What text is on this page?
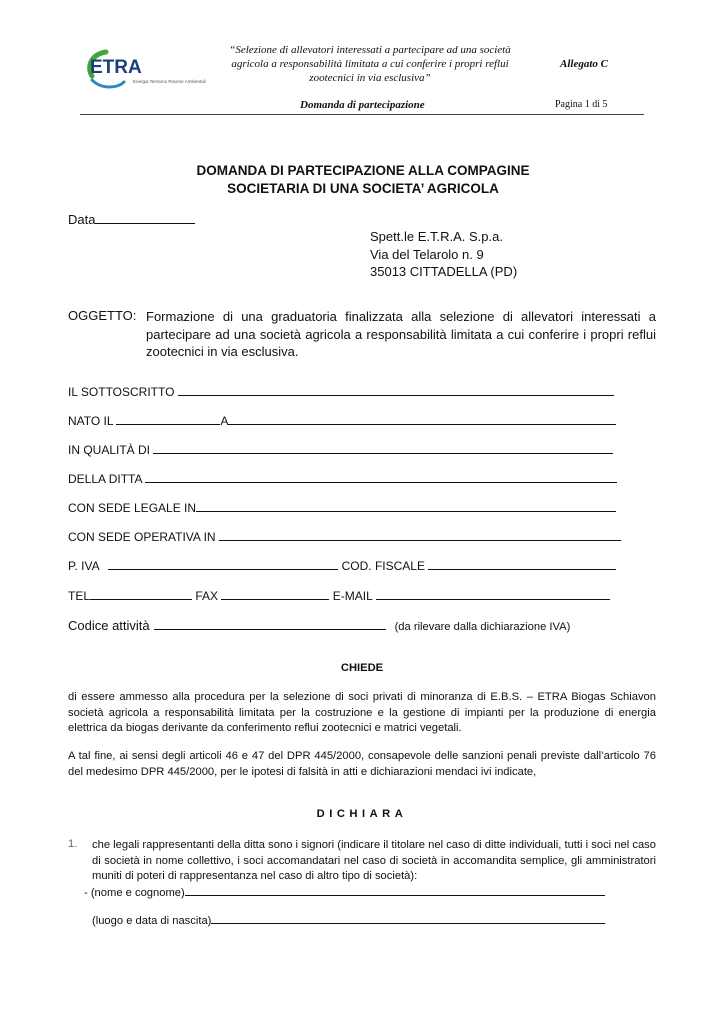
ETRA
Energia Territorio Risorse Ambientali
“Selezione di allevatori interessati a partecipare ad una società agricola a responsabilità limitata a cui conferire i propri reflui zootecnici in via esclusiva”
Allegato C
Domanda di partecipazione	Pagina 1 di 5
DOMANDA DI PARTECIPAZIONE ALLA COMPAGINE
SOCIETARIA DI UNA SOCIETA’ AGRICOLA
Data
Spett.le E.T.R.A. S.p.a.
Via del Telarolo n. 9
35013 CITTADELLA (PD)
OGGETTO: Formazione di una graduatoria finalizzata alla selezione di allevatori interessati a partecipare ad una società agricola a responsabilità limitata a cui conferire i propri reflui zootecnici in via esclusiva.
IL SOTTOSCRITTO
NATO IL	A
IN QUALITÀ DI
DELLA DITTA
CON SEDE LEGALE IN
CON SEDE OPERATIVA IN
P. IVA	COD. FISCALE
TEL	FAX	E-MAIL
Codice attività	(da rilevare dalla dichiarazione IVA)
CHIEDE
di essere ammesso alla procedura per la selezione di soci privati di minoranza di E.B.S. – ETRA Biogas Schiavon società agricola a responsabilità limitata per la costruzione e la gestione di impianti per la produzione di energia elettrica da biogas derivante da conferimento reflui zootecnici e matrici vegetali.
A tal fine, ai sensi degli articoli 46 e 47 del DPR 445/2000, consapevole delle sanzioni penali previste dall’articolo 76 del medesimo DPR 445/2000, per le ipotesi di falsità in atti e dichiarazioni mendaci ivi indicate,
DICHIARA
1. che legali rappresentanti della ditta sono i signori (indicare il titolare nel caso di ditte individuali, tutti i soci nel caso di società in nome collettivo, i soci accomandatari nel caso di società in accomandita semplice, gli amministratori muniti di poteri di rappresentanza nel caso di altro tipo di società):
- (nome e cognome)
(luogo e data di nascita)
